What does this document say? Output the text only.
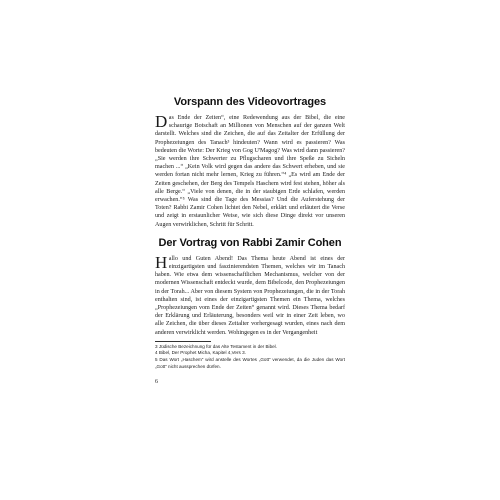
Vorspann des Videovortrages

Das Ende der Zeiten“, eine Redewendung aus der Bibel, die eine schaurige Botschaft an Millionen von Menschen auf der ganzen Welt darstellt. Welches sind die Zeichen, die auf das Zeitalter der Erfüllung der Prophezeiungen des Tanach³ hindeuten? Wann wird es passieren? Was bedeuten die Worte: Der Krieg von Gog U'Magog? Was wird dann passieren? „Sie werden ihre Schwerter zu Pflugscharen und ihre Speße zu Sicheln machen ...“ „Kein Volk wird gegen das andere das Schwert erheben, und sie werden fortan nicht mehr lernen, Krieg zu führen.“⁴ „Es wird am Ende der Zeiten geschehen, der Berg des Tempels Haschem wird fest stehen, höher als alle Berge.“ „Viele von denen, die in der staubigen Erde schlafen, werden erwachen.“⁵ Was sind die Tage des Messias? Und die Auferstehung der Toten? Rabbi Zamir Cohen lichtet den Nebel, erklärt und erläutert die Verse und zeigt in erstaunlicher Weise, wie sich diese Dinge direkt vor unseren Augen verwirklichen, Schritt für Schritt.

Der Vortrag von Rabbi Zamir Cohen

Hallo und Guten Abend! Das Thema heute Abend ist eines der einzigartigsten und faszinierendsten Themen, welches wir im Tanach haben. Wie etwa dem wissenschaftlichen Mechanismus, welcher von der modernen Wissenschaft entdeckt wurde, dem Bibelcode, den Prophezeiungen in der Torah... Aber von diesem System von Prophezeiungen, die in der Torah enthalten sind, ist eines der einzigartigsten Themen ein Thema, welches „Prophezeiungen vom Ende der Zeiten“ genannt wird. Dieses Thema bedarf der Erklärung und Erläuterung, besonders weil wir in einer Zeit leben, wo alle Zeichen, die über dieses Zeitalter vorhergesagt wurden, eines nach dem anderen verwirklicht werden. Wohingegen es in der Vergangenheit

3 Jüdische Bezeichnung für das Alte Testament in der Bibel.

4 Bibel, Der Prophet Micha, Kapitel 4,Vers 3.

5 Das Wort „Haschem“ wird anstelle des Wortes „Gott“ verwendet, da die Juden das Wort „Gott“ nicht aussprechen dürfen.

6
